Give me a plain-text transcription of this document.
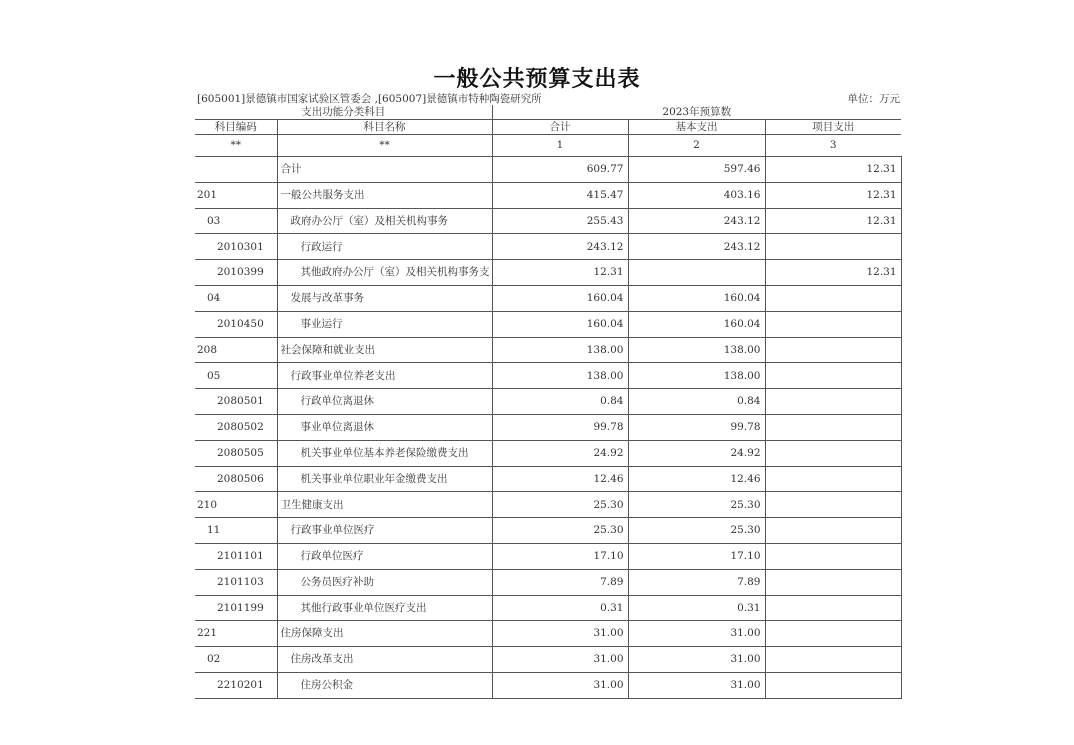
一般公共预算支出表
[605001]景德镇市国家试验区管委会 ,[605007]景德镇市特种陶瓷研究所	单位：万元
支出功能分类科目		2023年预算数		
科目编码	科目名称	合计	基本支出	项目支出
**	**	1	2	3
	合计	609.77	597.46	12.31
201	一般公共服务支出	415.47	403.16	12.31
03	政府办公厅（室）及相关机构事务	255.43	243.12	12.31
2010301	行政运行	243.12	243.12	
2010399	其他政府办公厅（室）及相关机构事务支	12.31		12.31
04	发展与改革事务	160.04	160.04	
2010450	事业运行	160.04	160.04	
208	社会保障和就业支出	138.00	138.00	
05	行政事业单位养老支出	138.00	138.00	
2080501	行政单位离退休	0.84	0.84	
2080502	事业单位离退休	99.78	99.78	
2080505	机关事业单位基本养老保险缴费支出	24.92	24.92	
2080506	机关事业单位职业年金缴费支出	12.46	12.46	
210	卫生健康支出	25.30	25.30	
11	行政事业单位医疗	25.30	25.30	
2101101	行政单位医疗	17.10	17.10	
2101103	公务员医疗补助	7.89	7.89	
2101199	其他行政事业单位医疗支出	0.31	0.31	
221	住房保障支出	31.00	31.00	
02	住房改革支出	31.00	31.00	
2210201	住房公积金	31.00	31.00	
